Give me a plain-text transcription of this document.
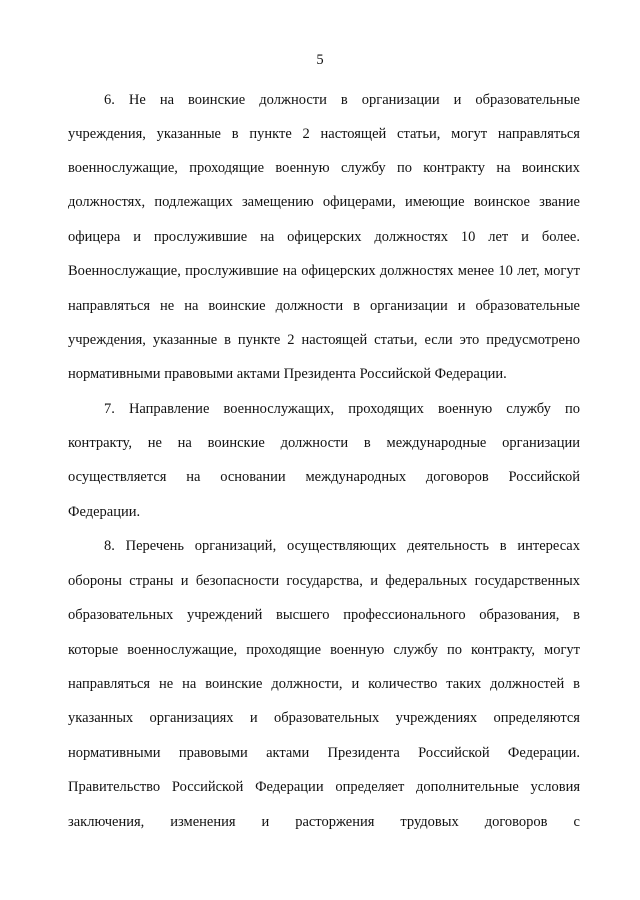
5
6. Не на воинские должности в организации и образовательные
учреждения, указанные в пункте 2 настоящей статьи, могут направляться
военнослужащие, проходящие военную службу по контракту на воинских
должностях, подлежащих замещению офицерами, имеющие воинское звание
офицера и прослужившие на офицерских должностях 10 лет и более.
Военнослужащие, прослужившие на офицерских должностях менее 10 лет, могут
направляться не на воинские должности в организации и образовательные
учреждения, указанные в пункте 2 настоящей статьи, если это предусмотрено
нормативными правовыми актами Президента Российской Федерации.
7. Направление военнослужащих, проходящих военную службу по
контракту, не на воинские должности в международные организации
осуществляется на основании международных договоров Российской
Федерации.
8. Перечень организаций, осуществляющих деятельность в интересах
обороны страны и безопасности государства, и федеральных государственных
образовательных учреждений высшего профессионального образования, в
которые военнослужащие, проходящие военную службу по контракту, могут
направляться не на воинские должности, и количество таких должностей в
указанных организациях и образовательных учреждениях определяются
нормативными правовыми актами Президента Российской Федерации.
Правительство Российской Федерации определяет дополнительные условия
заключения, изменения и расторжения трудовых договоров с
